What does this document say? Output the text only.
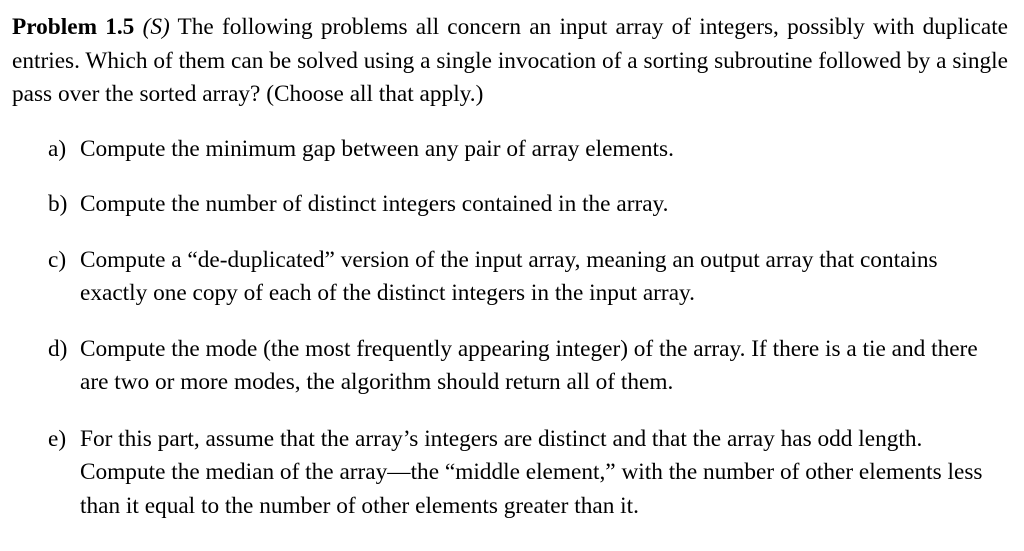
Problem 1.5 (S) The following problems all concern an input array of integers, possibly with duplicate entries. Which of them can be solved using a single invocation of a sorting subroutine followed by a single pass over the sorted array? (Choose all that apply.)

a) Compute the minimum gap between any pair of array elements.
b) Compute the number of distinct integers contained in the array.
c) Compute a “de-duplicated” version of the input array, meaning an output array that contains exactly one copy of each of the distinct integers in the input array.
d) Compute the mode (the most frequently appearing integer) of the array. If there is a tie and there are two or more modes, the algorithm should return all of them.
e) For this part, assume that the array’s integers are distinct and that the array has odd length. Compute the median of the array—the “middle element,” with the number of other elements less than it equal to the number of other elements greater than it.
